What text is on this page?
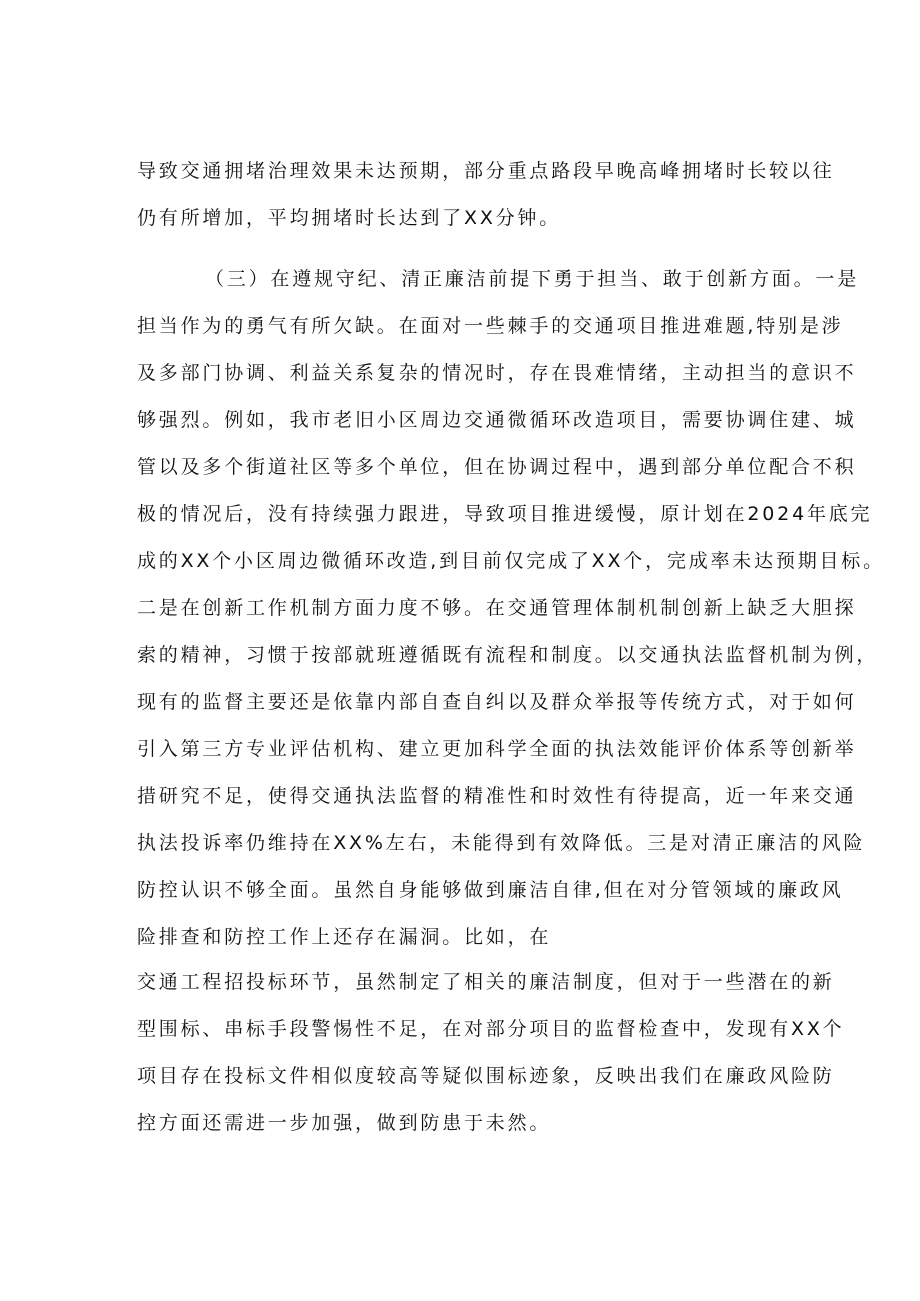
导致交通拥堵治理效果未达预期，部分重点路段早晚高峰拥堵时长较以往
仍有所增加，平均拥堵时长达到了XX分钟。
（三）在遵规守纪、清正廉洁前提下勇于担当、敢于创新方面。一是
担当作为的勇气有所欠缺。在面对一些棘手的交通项目推进难题,特别是涉
及多部门协调、利益关系复杂的情况时，存在畏难情绪，主动担当的意识不
够强烈。例如，我市老旧小区周边交通微循环改造项目，需要协调住建、城
管以及多个街道社区等多个单位，但在协调过程中，遇到部分单位配合不积
极的情况后，没有持续强力跟进，导致项目推进缓慢，原计划在2024年底完
成的XX个小区周边微循环改造,到目前仅完成了XX个，完成率未达预期目标。
二是在创新工作机制方面力度不够。在交通管理体制机制创新上缺乏大胆探
索的精神，习惯于按部就班遵循既有流程和制度。以交通执法监督机制为例，
现有的监督主要还是依靠内部自查自纠以及群众举报等传统方式，对于如何
引入第三方专业评估机构、建立更加科学全面的执法效能评价体系等创新举
措研究不足，使得交通执法监督的精准性和时效性有待提高，近一年来交通
执法投诉率仍维持在XX%左右，未能得到有效降低。三是对清正廉洁的风险
防控认识不够全面。虽然自身能够做到廉洁自律,但在对分管领域的廉政风
险排查和防控工作上还存在漏洞。比如，在
交通工程招投标环节，虽然制定了相关的廉洁制度，但对于一些潜在的新
型围标、串标手段警惕性不足，在对部分项目的监督检查中，发现有XX个
项目存在投标文件相似度较高等疑似围标迹象，反映出我们在廉政风险防
控方面还需进一步加强，做到防患于未然。
